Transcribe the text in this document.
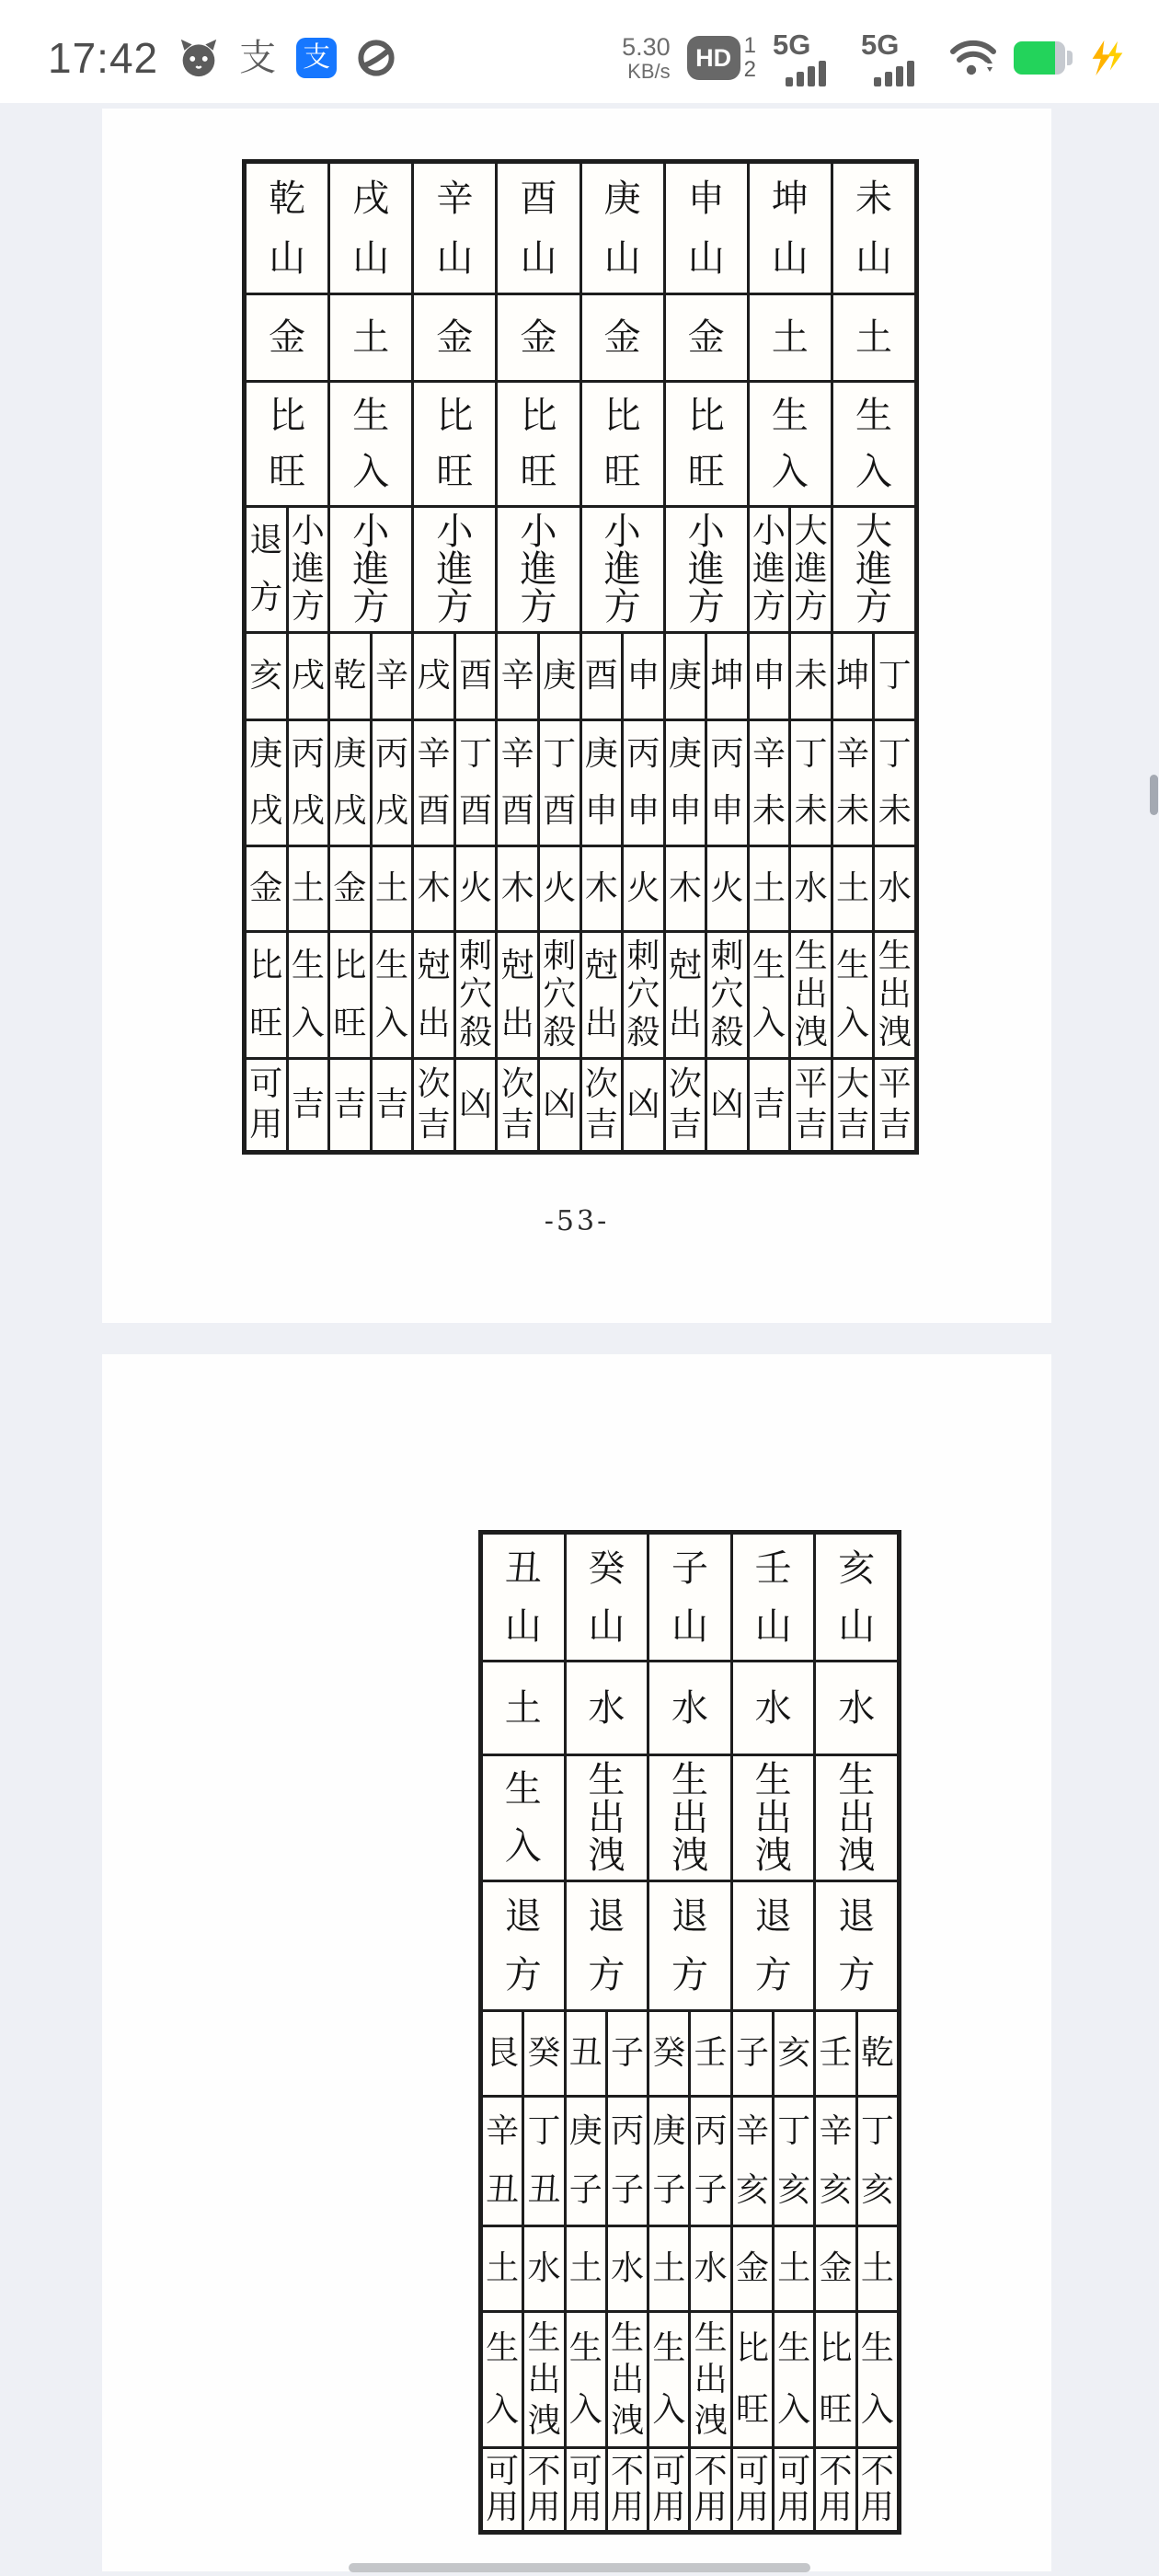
17:42 支 支	5.30
KB/s	HD 1
2
5G 5G
乾
山
戌
山
辛
山
酉
山
庚
山
申
山
坤
山
未
山
金 土 金 金 金 金 土 土
比
旺
生
入
比
旺
比
旺
比
旺
比
旺
生
入
生
入
退
方
小
進
方
小
進
方
小
進
方
小
進
方
小
進
方
小
進
方
小
進
方
大
進
方
大
進
方
亥 戌 乾 辛 戌 酉 辛 庚 酉 申 庚 坤 申 未 坤 丁
庚
戌
丙
戌
庚
戌
丙
戌
辛
酉
丁
酉
辛
酉
丁
酉
庚
申
丙
申
庚
申
丙
申
辛
未
丁
未
辛
未
丁
未
金 土 金 土 木 火 木 火 木 火 木 火 土 水 土 水
比
旺
生
入
比
旺
生
入
尅
出
刺
穴
殺
尅
出
刺
穴
殺
尅
出
刺
穴
殺
尅
出
刺
穴
殺
生
入
生
出
洩
生
入
生
出
洩
可
用
吉 吉 吉
次
吉
凶
次
吉
凶
次
吉
凶
次
吉
凶 吉
平
吉
大
吉
平
吉
-53-
丑
山
癸
山
子
山
壬
山
亥
山
土 水 水 水 水
生
入
生
出
洩
生
出
洩
生
出
洩
生
出
洩
退
方
退
方
退
方
退
方
退
方
艮 癸 丑 子 癸 壬 子 亥 壬 乾
辛
丑
丁
丑
庚
子
丙
子
庚
子
丙
子
辛
亥
丁
亥
辛
亥
丁
亥
土 水 土 水 土 水 金 土 金 土
生
入
生
出
洩
生
入
生
出
洩
生
入
生
出
洩
比
旺
生
入
比
旺
生
入
可
用
不
用
可
用
不
用
可
用
不
用
可
用
可
用
不
用
不
用
